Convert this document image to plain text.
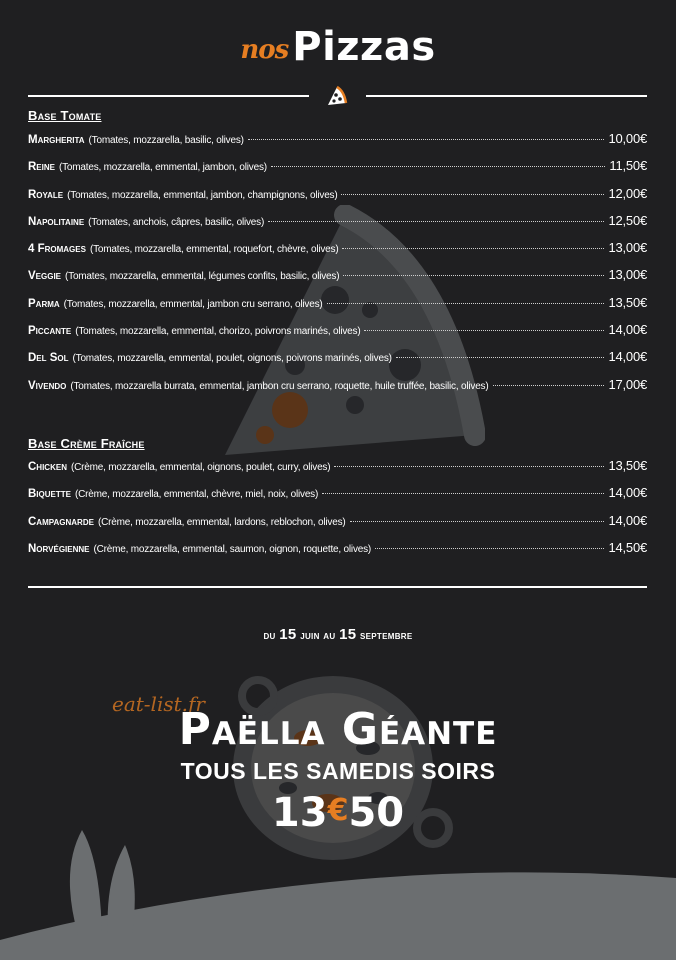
nos Pizzas
Base Tomate
Margherita (Tomates, mozzarella, basilic, olives)	10,00€
Reine (Tomates, mozzarella, emmental, jambon, olives)	11,50€
Royale (Tomates, mozzarella, emmental, jambon, champignons, olives)	12,00€
Napolitaine (Tomates, anchois, câpres, basilic, olives)	12,50€
4 Fromages (Tomates, mozzarella, emmental, roquefort, chèvre, olives)	13,00€
Veggie (Tomates, mozzarella, emmental, légumes confits, basilic, olives)	13,00€
Parma (Tomates, mozzarella, emmental, jambon cru serrano, olives)	13,50€
Piccante (Tomates, mozzarella, emmental, chorizo, poivrons marinés, olives)	14,00€
Del Sol (Tomates, mozzarella, emmental, poulet, oignons, poivrons marinés, olives)	14,00€
Vivendo (Tomates, mozzarella burrata, emmental, jambon cru serrano, roquette, huile truffée, basilic, olives)	17,00€
Base Crème Fraîche
Chicken (Crème, mozzarella, emmental, oignons, poulet, curry, olives)	13,50€
Biquette (Crème, mozzarella, emmental, chèvre, miel, noix, olives)	14,00€
Campagnarde (Crème, mozzarella, emmental, lardons, reblochon, olives)	14,00€
Norvégienne (Crème, mozzarella, emmental, saumon, oignon, roquette, olives)	14,50€
du 15 juin au 15 septembre
eat-list.fr
Paëlla Géante
TOUS LES SAMEDIS SOIRS
13€50
